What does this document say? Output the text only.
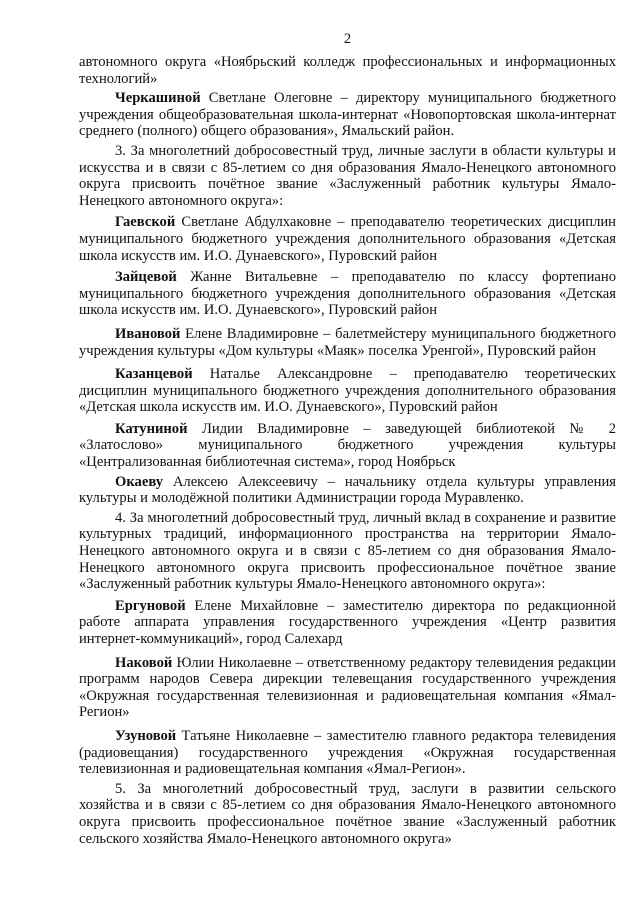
2

автономного округа «Ноябрьский колледж профессиональных и информационных технологий»

Черкашиной Светлане Олеговне – директору муниципального бюджетного учреждения общеобразовательная школа-интернат «Новопортовская школа-интернат среднего (полного) общего образования», Ямальский район.

3. За многолетний добросовестный труд, личные заслуги в области культуры и искусства и в связи с 85-летием со дня образования Ямало-Ненецкого автономного округа присвоить почётное звание «Заслуженный работник культуры Ямало-Ненецкого автономного округа»:

Гаевской Светлане Абдулхаковне – преподавателю теоретических дисциплин муниципального бюджетного учреждения дополнительного образования «Детская школа искусств им. И.О. Дунаевского», Пуровский район

Зайцевой Жанне Витальевне – преподавателю по классу фортепиано муниципального бюджетного учреждения дополнительного образования «Детская школа искусств им. И.О. Дунаевского», Пуровский район

Ивановой Елене Владимировне – балетмейстеру муниципального бюджетного учреждения культуры «Дом культуры «Маяк» поселка Уренгой», Пуровский район

Казанцевой Наталье Александровне – преподавателю теоретических дисциплин муниципального бюджетного учреждения дополнительного образования «Детская школа искусств им. И.О. Дунаевского», Пуровский район

Катуниной Лидии Владимировне – заведующей библиотекой № 2 «Златослово» муниципального бюджетного учреждения культуры «Централизованная библиотечная система», город Ноябрьск

Окаеву Алексею Алексеевичу – начальнику отдела культуры управления культуры и молодёжной политики Администрации города Муравленко.

4. За многолетний добросовестный труд, личный вклад в сохранение и развитие культурных традиций, информационного пространства на территории Ямало-Ненецкого автономного округа и в связи с 85-летием со дня образования Ямало-Ненецкого автономного округа присвоить профессиональное почётное звание «Заслуженный работник культуры Ямало-Ненецкого автономного округа»:

Ергуновой Елене Михайловне – заместителю директора по редакционной работе аппарата управления государственного учреждения «Центр развития интернет-коммуникаций», город Салехард

Наковой Юлии Николаевне – ответственному редактору телевидения редакции программ народов Севера дирекции телевещания государственного учреждения «Окружная государственная телевизионная и радиовещательная компания «Ямал-Регион»

Узуновой Татьяне Николаевне – заместителю главного редактора телевидения (радиовещания) государственного учреждения «Окружная государственная телевизионная и радиовещательная компания «Ямал-Регион».

5. За многолетний добросовестный труд, заслуги в развитии сельского хозяйства и в связи с 85-летием со дня образования Ямало-Ненецкого автономного округа присвоить профессиональное почётное звание «Заслуженный работник сельского хозяйства Ямало-Ненецкого автономного округа»
